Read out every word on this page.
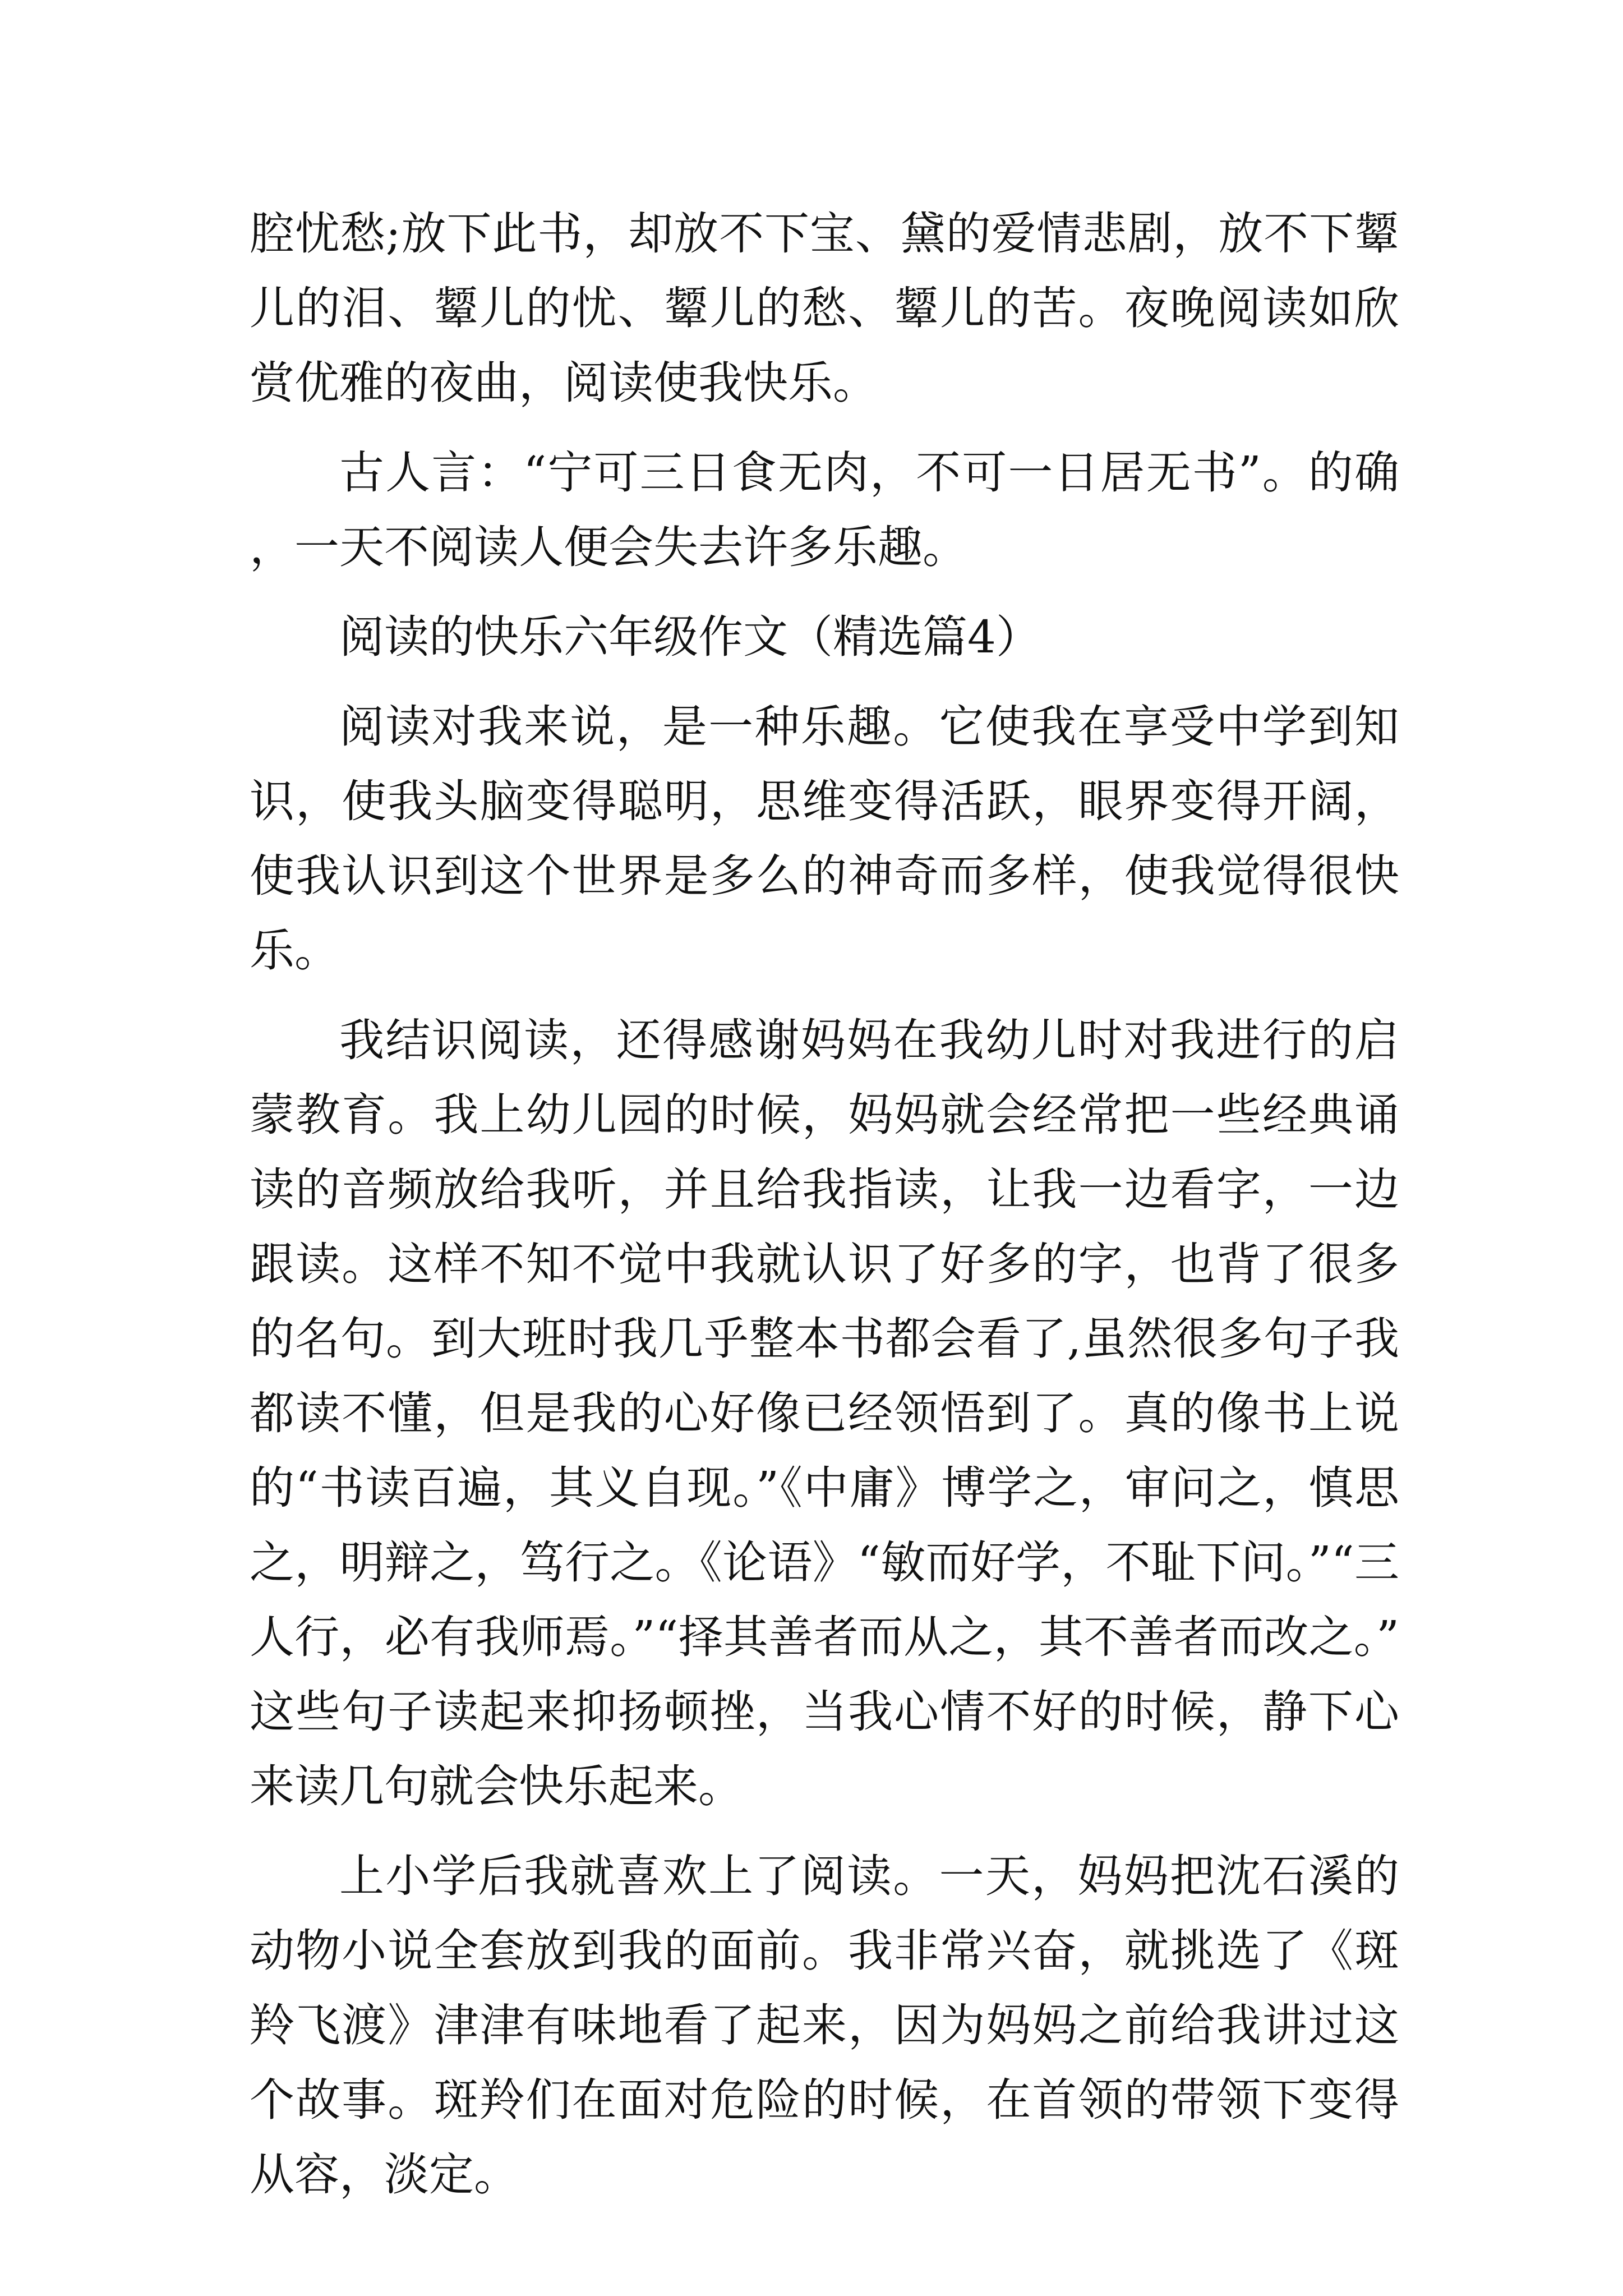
腔忧愁;放下此书，却放不下宝、黛的爱情悲剧，放不下颦儿的泪、颦儿的忧、颦儿的愁、颦儿的苦。夜晚阅读如欣赏优雅的夜曲，阅读使我快乐。

古人言：“宁可三日食无肉，不可一日居无书”。的确，一天不阅读人便会失去许多乐趣。

阅读的快乐六年级作文（精选篇4）

阅读对我来说，是一种乐趣。它使我在享受中学到知识，使我头脑变得聪明，思维变得活跃，眼界变得开阔，使我认识到这个世界是多么的神奇而多样，使我觉得很快乐。

我结识阅读，还得感谢妈妈在我幼儿时对我进行的启蒙教育。我上幼儿园的时候，妈妈就会经常把一些经典诵读的音频放给我听，并且给我指读，让我一边看字，一边跟读。这样不知不觉中我就认识了好多的字，也背了很多的名句。到大班时我几乎整本书都会看了,虽然很多句子我都读不懂，但是我的心好像已经领悟到了。真的像书上说的“书读百遍，其义自现。”《中庸》博学之，审问之，慎思之，明辩之，笃行之。《论语》“敏而好学，不耻下问。”“三人行，必有我师焉。”“择其善者而从之，其不善者而改之。”这些句子读起来抑扬顿挫，当我心情不好的时候，静下心来读几句就会快乐起来。

上小学后我就喜欢上了阅读。一天，妈妈把沈石溪的动物小说全套放到我的面前。我非常兴奋，就挑选了《斑羚飞渡》津津有味地看了起来，因为妈妈之前给我讲过这个故事。斑羚们在面对危险的时候，在首领的带领下变得从容，淡定。
